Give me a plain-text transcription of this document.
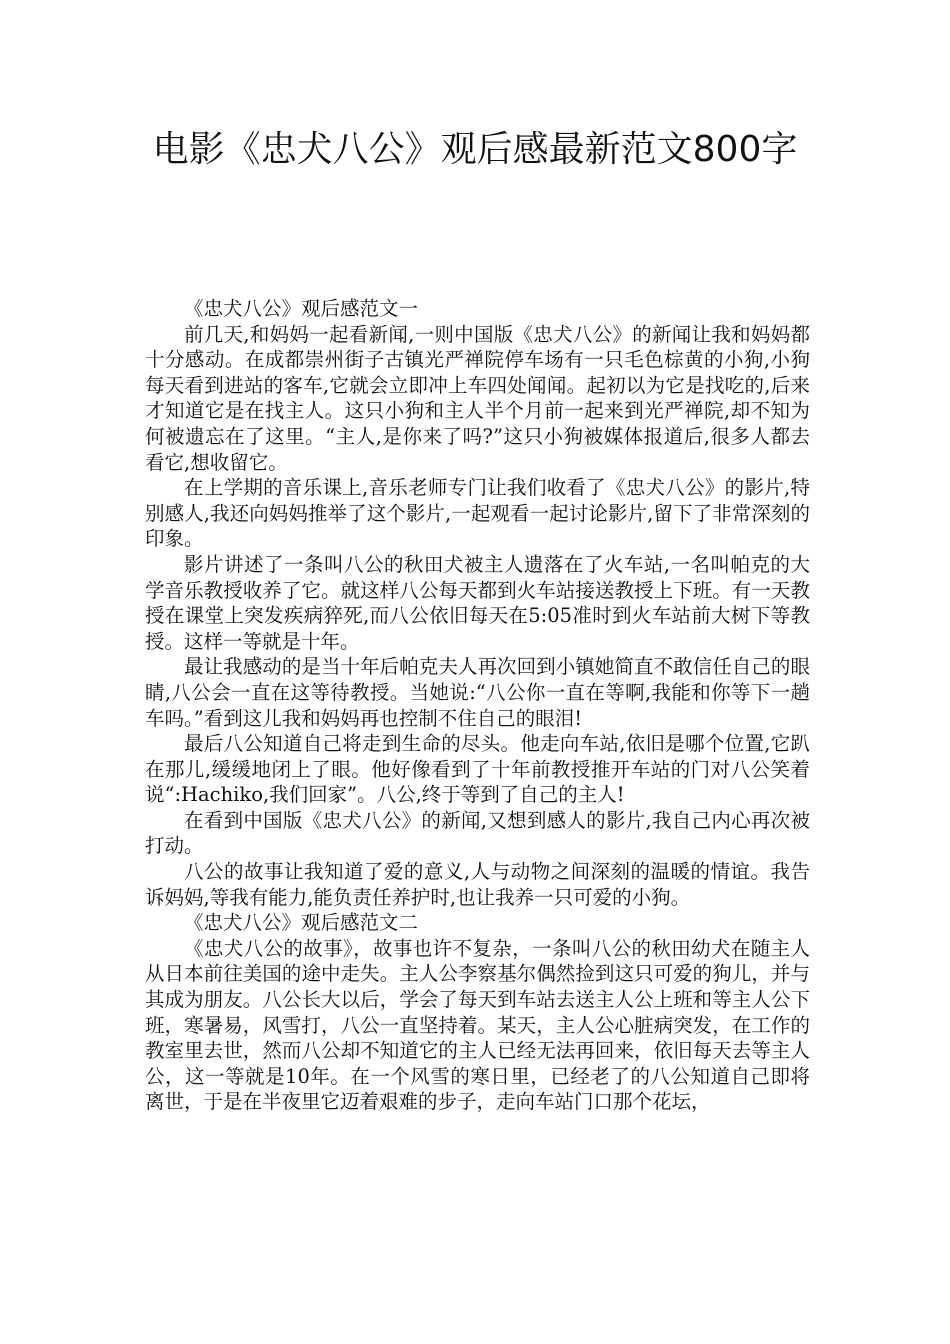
电影《忠犬八公》观后感最新范文800字

《忠犬八公》观后感范文一

前几天,和妈妈一起看新闻,一则中国版《忠犬八公》的新闻让我和妈妈都十分感动。在成都崇州街子古镇光严禅院停车场有一只毛色棕黄的小狗,小狗每天看到进站的客车,它就会立即冲上车四处闻闻。起初以为它是找吃的,后来才知道它是在找主人。这只小狗和主人半个月前一起来到光严禅院,却不知为何被遗忘在了这里。“主人,是你来了吗?”这只小狗被媒体报道后,很多人都去看它,想收留它。

在上学期的音乐课上,音乐老师专门让我们收看了《忠犬八公》的影片,特别感人,我还向妈妈推举了这个影片,一起观看一起讨论影片,留下了非常深刻的印象。

影片讲述了一条叫八公的秋田犬被主人遗落在了火车站,一名叫帕克的大学音乐教授收养了它。就这样八公每天都到火车站接送教授上下班。有一天教授在课堂上突发疾病猝死,而八公依旧每天在5:05准时到火车站前大树下等教授。这样一等就是十年。

最让我感动的是当十年后帕克夫人再次回到小镇她简直不敢信任自己的眼睛,八公会一直在这等待教授。当她说:“八公你一直在等啊,我能和你等下一趟车吗。”看到这儿我和妈妈再也控制不住自己的眼泪!

最后八公知道自己将走到生命的尽头。他走向车站,依旧是哪个位置,它趴在那儿,缓缓地闭上了眼。他好像看到了十年前教授推开车站的门对八公笑着说“:Hachiko,我们回家”。八公,终于等到了自己的主人!

在看到中国版《忠犬八公》的新闻,又想到感人的影片,我自己内心再次被打动。

八公的故事让我知道了爱的意义,人与动物之间深刻的温暖的情谊。我告诉妈妈,等我有能力,能负责任养护时,也让我养一只可爱的小狗。

《忠犬八公》观后感范文二

《忠犬八公的故事》，故事也许不复杂，一条叫八公的秋田幼犬在随主人从日本前往美国的途中走失。主人公李察基尔偶然捡到这只可爱的狗儿，并与其成为朋友。八公长大以后，学会了每天到车站去送主人公上班和等主人公下班，寒暑易，风雪打，八公一直坚持着。某天，主人公心脏病突发，在工作的教室里去世，然而八公却不知道它的主人已经无法再回来，依旧每天去等主人公，这一等就是10年。在一个风雪的寒日里，已经老了的八公知道自己即将离世，于是在半夜里它迈着艰难的步子，走向车站门口那个花坛，
